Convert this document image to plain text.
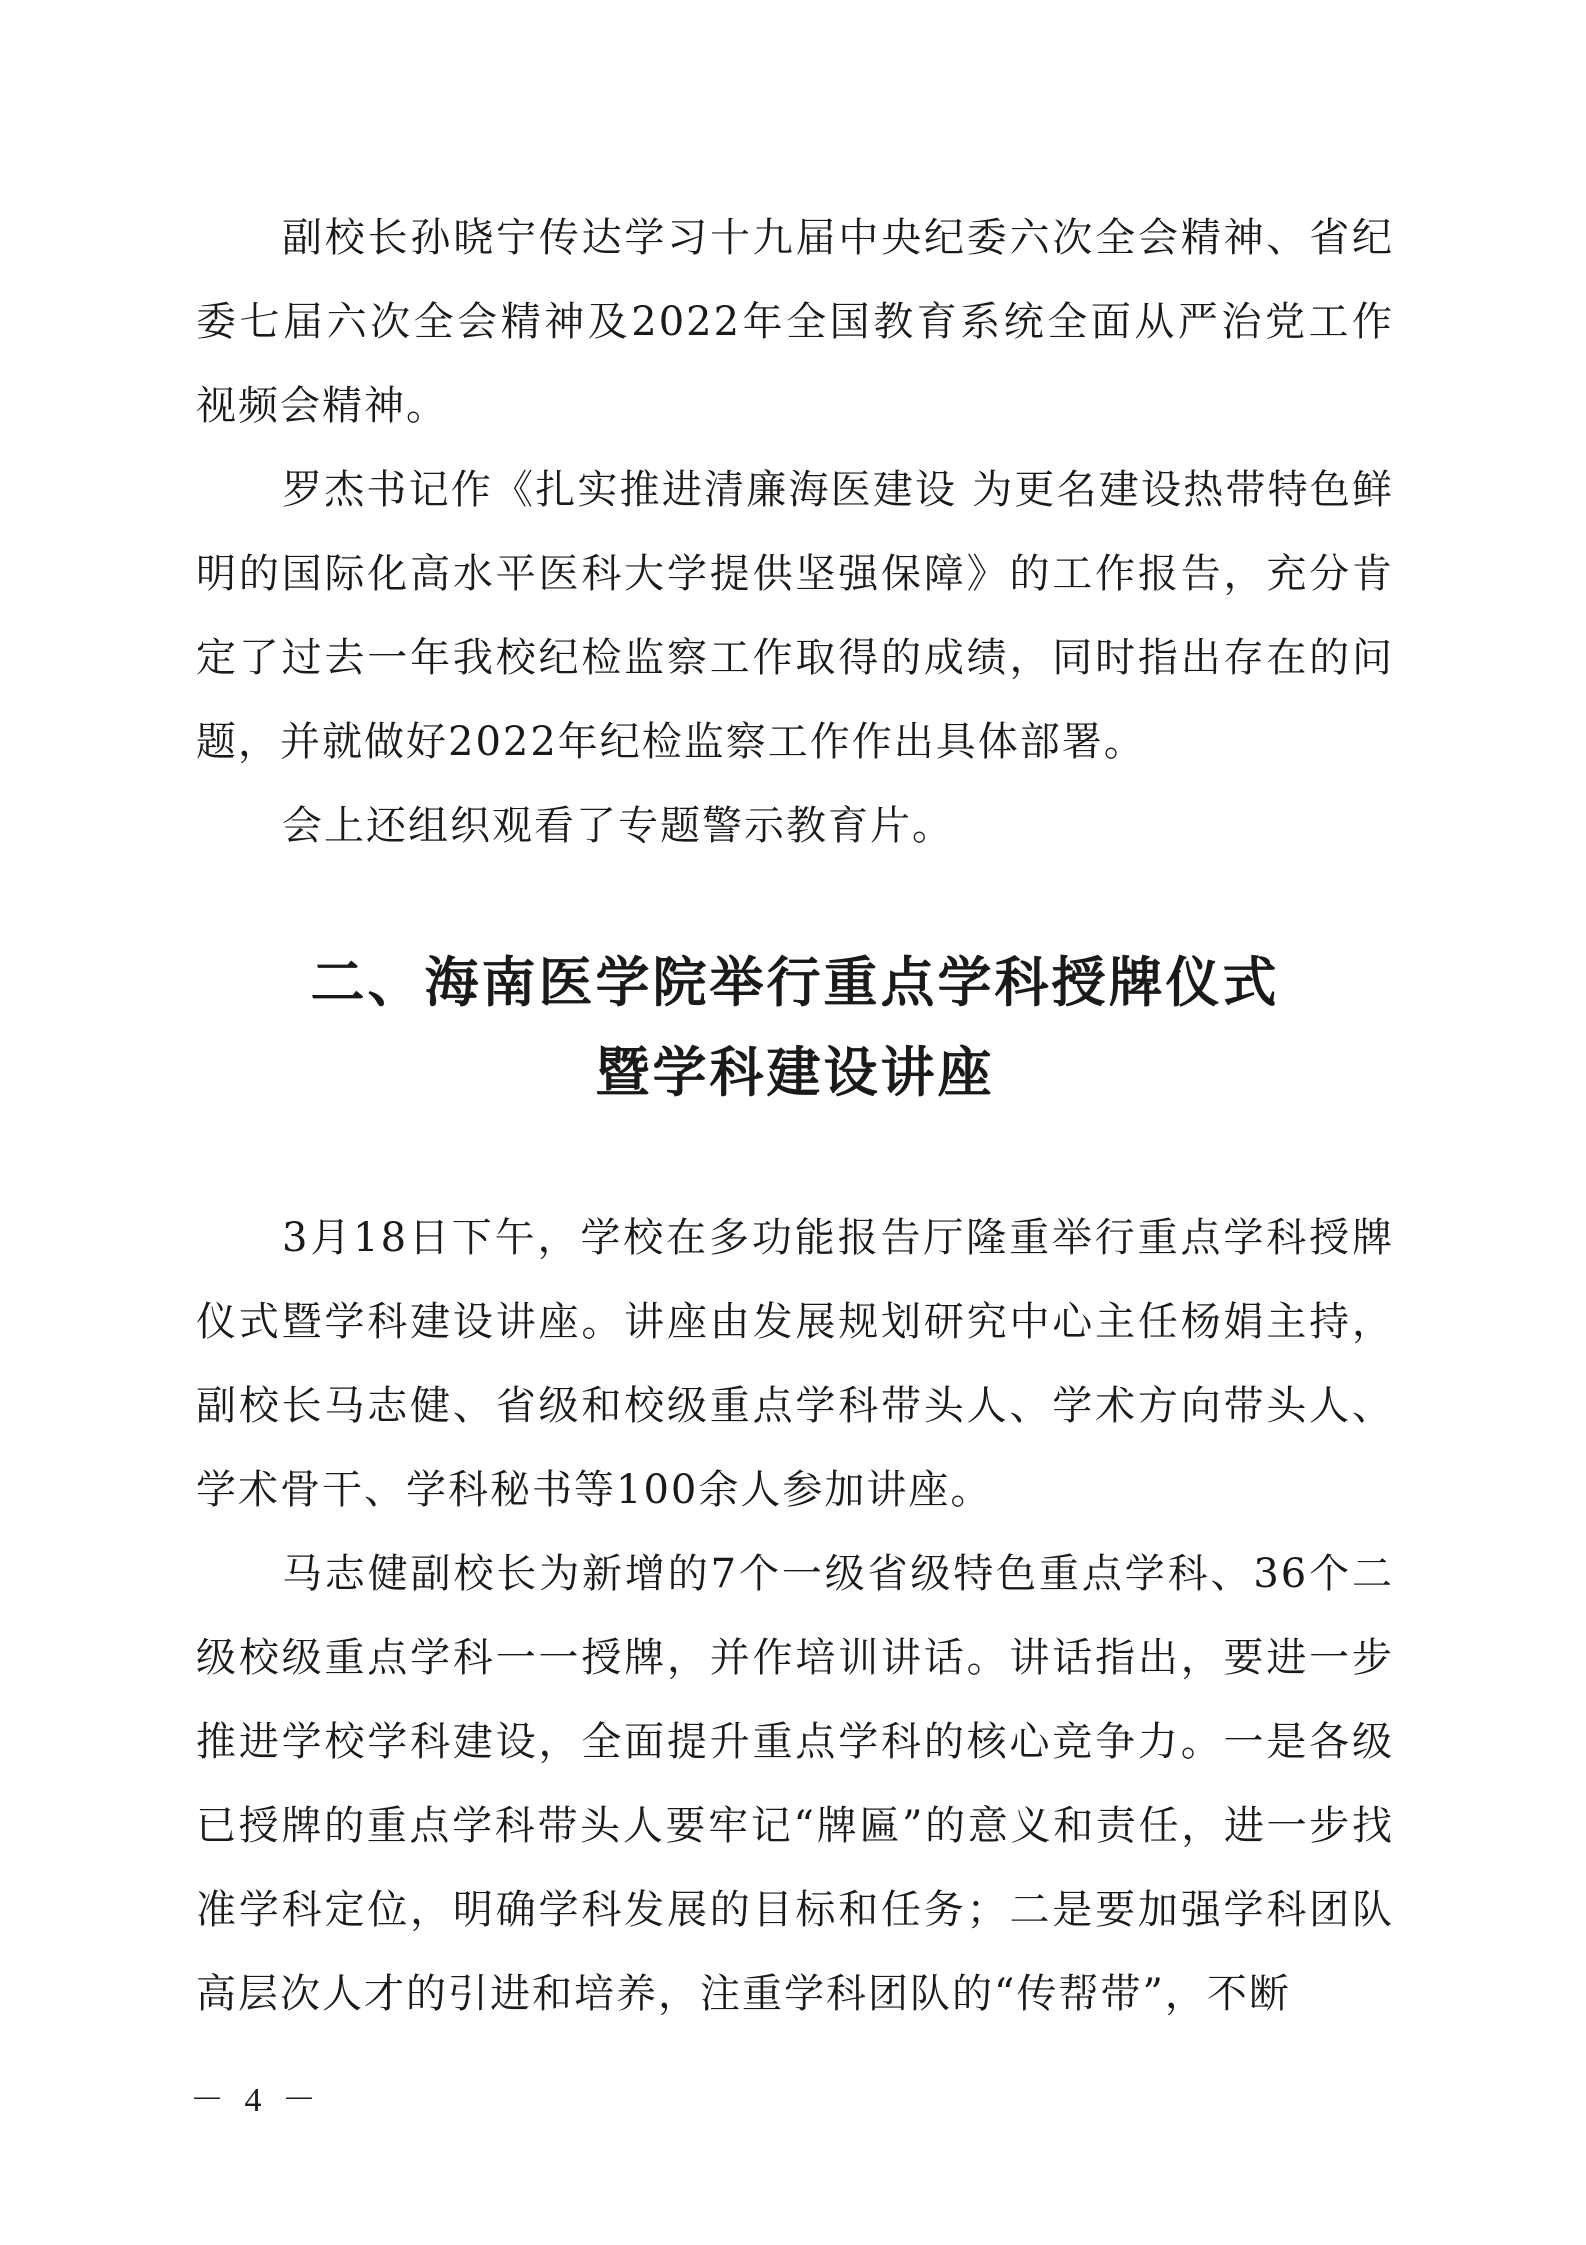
副校长孙晓宁传达学习十九届中央纪委六次全会精神、省纪委七届六次全会精神及2022年全国教育系统全面从严治党工作视频会精神。

罗杰书记作《扎实推进清廉海医建设 为更名建设热带特色鲜明的国际化高水平医科大学提供坚强保障》的工作报告，充分肯定了过去一年我校纪检监察工作取得的成绩，同时指出存在的问题，并就做好2022年纪检监察工作作出具体部署。

会上还组织观看了专题警示教育片。

二、海南医学院举行重点学科授牌仪式
暨学科建设讲座

3月18日下午，学校在多功能报告厅隆重举行重点学科授牌仪式暨学科建设讲座。讲座由发展规划研究中心主任杨娟主持，副校长马志健、省级和校级重点学科带头人、学术方向带头人、学术骨干、学科秘书等100余人参加讲座。

马志健副校长为新增的7个一级省级特色重点学科、36个二级校级重点学科一一授牌，并作培训讲话。讲话指出，要进一步推进学校学科建设，全面提升重点学科的核心竞争力。一是各级已授牌的重点学科带头人要牢记“牌匾”的意义和责任，进一步找准学科定位，明确学科发展的目标和任务；二是要加强学科团队高层次人才的引进和培养，注重学科团队的“传帮带”，不断

－ 4 －
